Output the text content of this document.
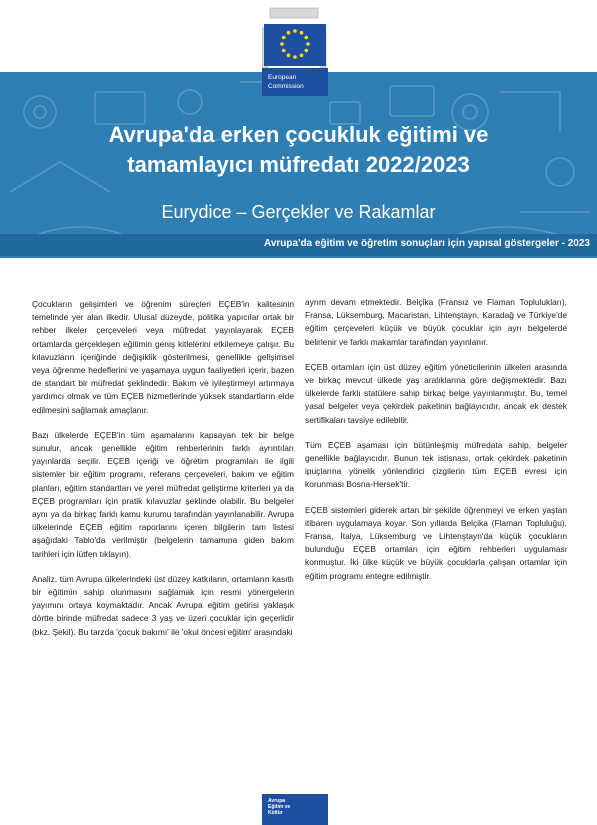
European
Commission
Avrupa'da erken çocukluk eğitimi ve
tamamlayıcı müfredatı 2022/2023
Eurydice – Gerçekler ve Rakamlar
Avrupa'da eğitim ve öğretim sonuçları için yapısal göstergeler - 2023

Çocukların gelişimleri ve öğrenim süreçleri EÇEB'in kalitesinin temelinde yer alan ilkedir. Ulusal düzeyde, politika yapıcılar ortak bir rehber ilkeler çerçeveleri veya müfredat yayınlayarak EÇEB ortamlarda gerçekleşen eğitimin geniş kitlelerini etkilemeye çalışır. Bu kılavuzların içeriğinde değişiklik gösterilmesi, genellikle gelişimsel veya öğrenme hedeflerini ve yaşamaya uygun faaliyetleri içerir, bazen de standart bir müfredat şeklindedir. Bakım ve iyileştirmeyi artırmaya yardımcı olmak ve tüm EÇEB hizmetlerinde yüksek standartların elde edilmesini sağlamak amaçlanır.

Bazı ülkelerde EÇEB'in tüm aşamalarını kapsayan tek bir belge sunulur, ancak genellikle eğitim rehberlerinin farklı ayrıntıları yayınlarda seçilir. EÇEB içeriği ve öğretim programları ile ilgili sistemler bir eğitim programı, referans çerçeveleri, bakım ve eğitim planları, eğitim standartları ve yerel müfredat geliştirme kriterleri ya da EÇEB programları için pratik kılavuzlar şeklinde olabilir. Bu belgeler aynı ya da birkaç farklı kamu kurumu tarafından yayınlanabilir. Avrupa ülkelerinde EÇEB eğitim raporlarını içeren bilgilerin tam listesi aşağıdaki Tablo'da verilmiştir (belgelerin tamamına giden bakım tarihleri için lütfen tıklayın).

Analiz, tüm Avrupa ülkelerindeki üst düzey katkıların, ortamların kasıtlı bir eğitimin sahip olunmasını sağlamak için resmi yönergelerin yayımını ortaya koymaktadır. Ancak Avrupa eğitim getirisi yaklaşık dörtte birinde müfredat sadece 3 yaş ve üzeri çocuklar için geçerlidir (bkz. Şekil). Bu tarzda 'çocuk bakımı' ile 'okul öncesi eğitim' arasındaki

ayrım devam etmektedir. Belçika (Fransız ve Flaman Toplulukları), Fransa, Lüksemburg, Macaristan, Lihtenştayn, Karadağ ve Türkiye'de eğitim çerçeveleri küçük ve büyük çocuklar için ayrı belgelerde belirlenir ve farklı makamlar tarafından yayınlanır.

EÇEB ortamları için üst düzey eğitim yöneticilerinin ülkeleri arasında ve birkaç mevcut ülkede yaş aralıklarına göre değişmektedir. Bazı ülkelerde farklı statülere sahip birkaç belge yayınlanmıştır. Bu, temel yasal belgeler veya çekirdek paketinin bağlayıcıdır, ancak ek destek sertifikaları tavsiye edilebilir.

Tüm EÇEB aşaması için bütünleşmiş müfredata sahip, belgeler genellikle bağlayıcıdır. Bunun tek istisnası, ortak çekirdek paketinin ipuçlarına yönelik yönlendirici çizgilerin tüm EÇEB evresi için korunması Bosna-Hersek'tir.

EÇEB sistemleri giderek artan bir şekilde öğrenmeyi ve erken yaştan itibaren uygulamaya koyar. Son yıllarda Belçika (Flaman Topluluğu), Fransa, İtalya, Lüksemburg ve Lihtenştayn'da küçük çocukların bulunduğu EÇEB ortamları için eğitim rehberleri uygulaması konmuştur. İki ülke küçük ve büyük çocuklarla çalışan ortamlar için eğitim programı entegre edilmiştir.

Avrupa
Eğitim ve
Kültür
